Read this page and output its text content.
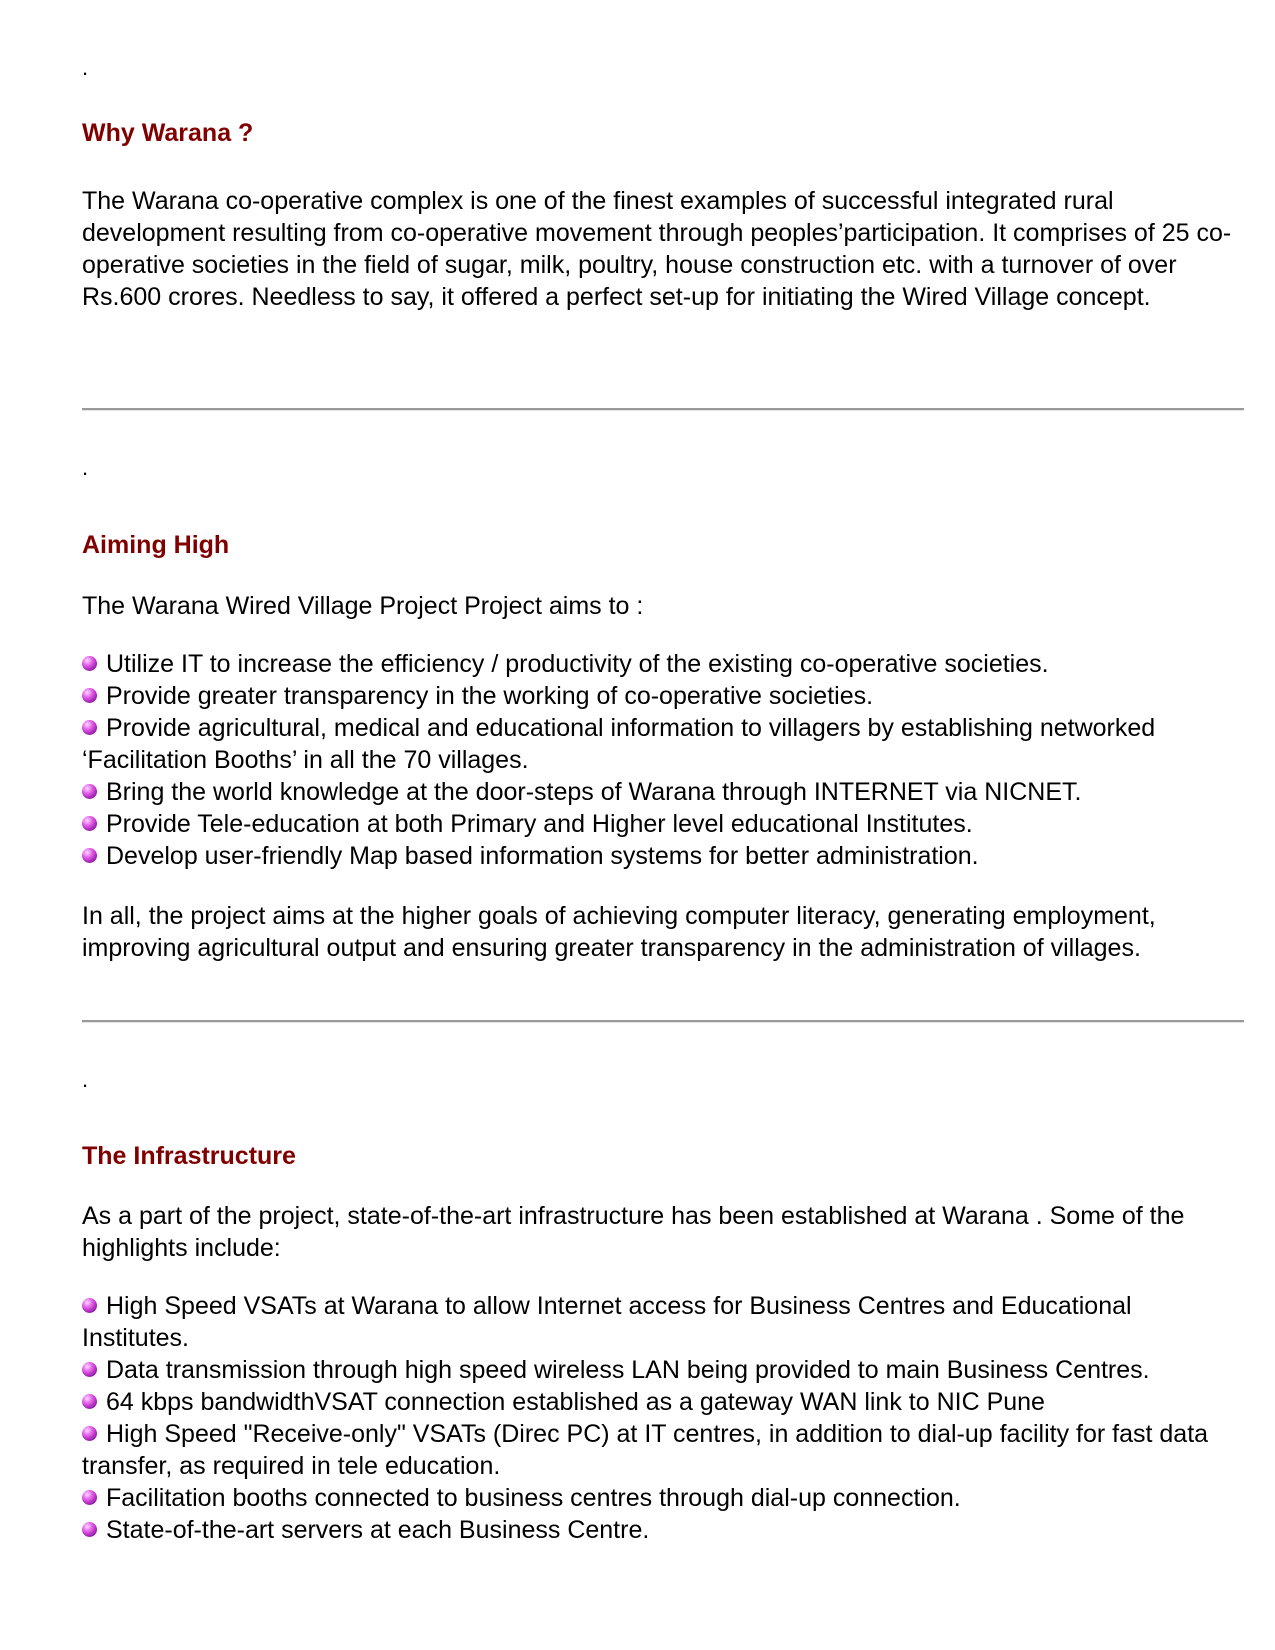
.

Why Warana ?

The Warana co-operative complex is one of the finest examples of successful integrated rural development resulting from co-operative movement through peoples’participation. It comprises of 25 co-operative societies in the field of sugar, milk, poultry, house construction etc. with a turnover of over Rs.600 crores. Needless to say, it offered a perfect set-up for initiating the Wired Village concept.

.

Aiming High

The Warana Wired Village Project Project aims to :

Utilize IT to increase the efficiency / productivity of the existing co-operative societies.
Provide greater transparency in the working of co-operative societies.
Provide agricultural, medical and educational information to villagers by establishing networked ‘Facilitation Booths’ in all the 70 villages.
Bring the world knowledge at the door-steps of Warana through INTERNET via NICNET.
Provide Tele-education at both Primary and Higher level educational Institutes.
Develop user-friendly Map based information systems for better administration.

In all, the project aims at the higher goals of achieving computer literacy, generating employment, improving agricultural output and ensuring greater transparency in the administration of villages.

.

The Infrastructure

As a part of the project, state-of-the-art infrastructure has been established at Warana . Some of the highlights include:

High Speed VSATs at Warana to allow Internet access for Business Centres and Educational Institutes.
Data transmission through high speed wireless LAN being provided to main Business Centres.
64 kbps bandwidthVSAT connection established as a gateway WAN link to NIC Pune
High Speed "Receive-only" VSATs (Direc PC) at IT centres, in addition to dial-up facility for fast data transfer, as required in tele education.
Facilitation booths connected to business centres through dial-up connection.
State-of-the-art servers at each Business Centre.
